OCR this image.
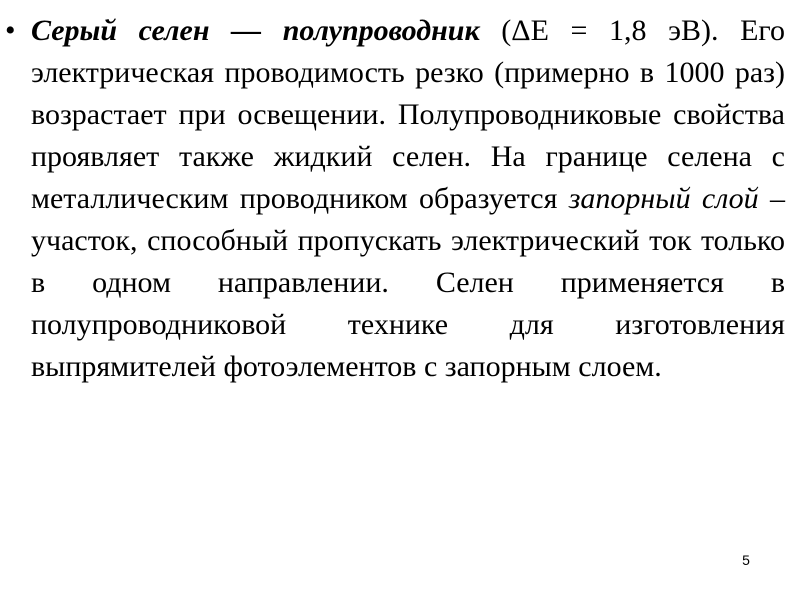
• Серый селен — полупроводник (ΔE = 1,8 эВ). Его электрическая проводимость резко (примерно в 1000 раз) возрастает при освещении. Полупроводниковые свойства проявляет также жидкий селен. На границе селена с металлическим проводником образуется запорный слой – участок, способный пропускать электрический ток только в одном направлении. Селен применяется в полупроводниковой технике для изготовления выпрямителей фотоэлементов с запорным слоем.

5
